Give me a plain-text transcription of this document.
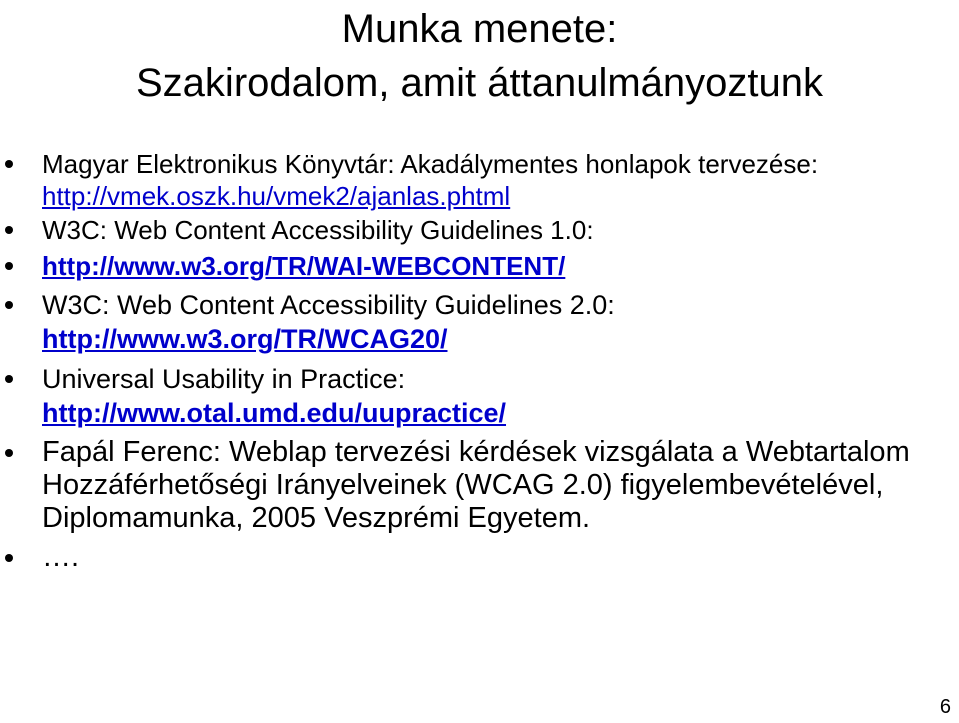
Munka menete:
Szakirodalom, amit áttanulmányoztunk
Magyar Elektronikus Könyvtár: Akadálymentes honlapok tervezése:
http://vmek.oszk.hu/vmek2/ajanlas.phtml
W3C: Web Content Accessibility Guidelines 1.0:
http://www.w3.org/TR/WAI-WEBCONTENT/
W3C: Web Content Accessibility Guidelines 2.0:
http://www.w3.org/TR/WCAG20/
Universal Usability in Practice:
http://www.otal.umd.edu/uupractice/
Fapál Ferenc: Weblap tervezési kérdések vizsgálata a Webtartalom Hozzáférhetőségi Irányelveinek (WCAG 2.0) figyelembevételével, Diplomamunka, 2005 Veszprémi Egyetem.
….
6
